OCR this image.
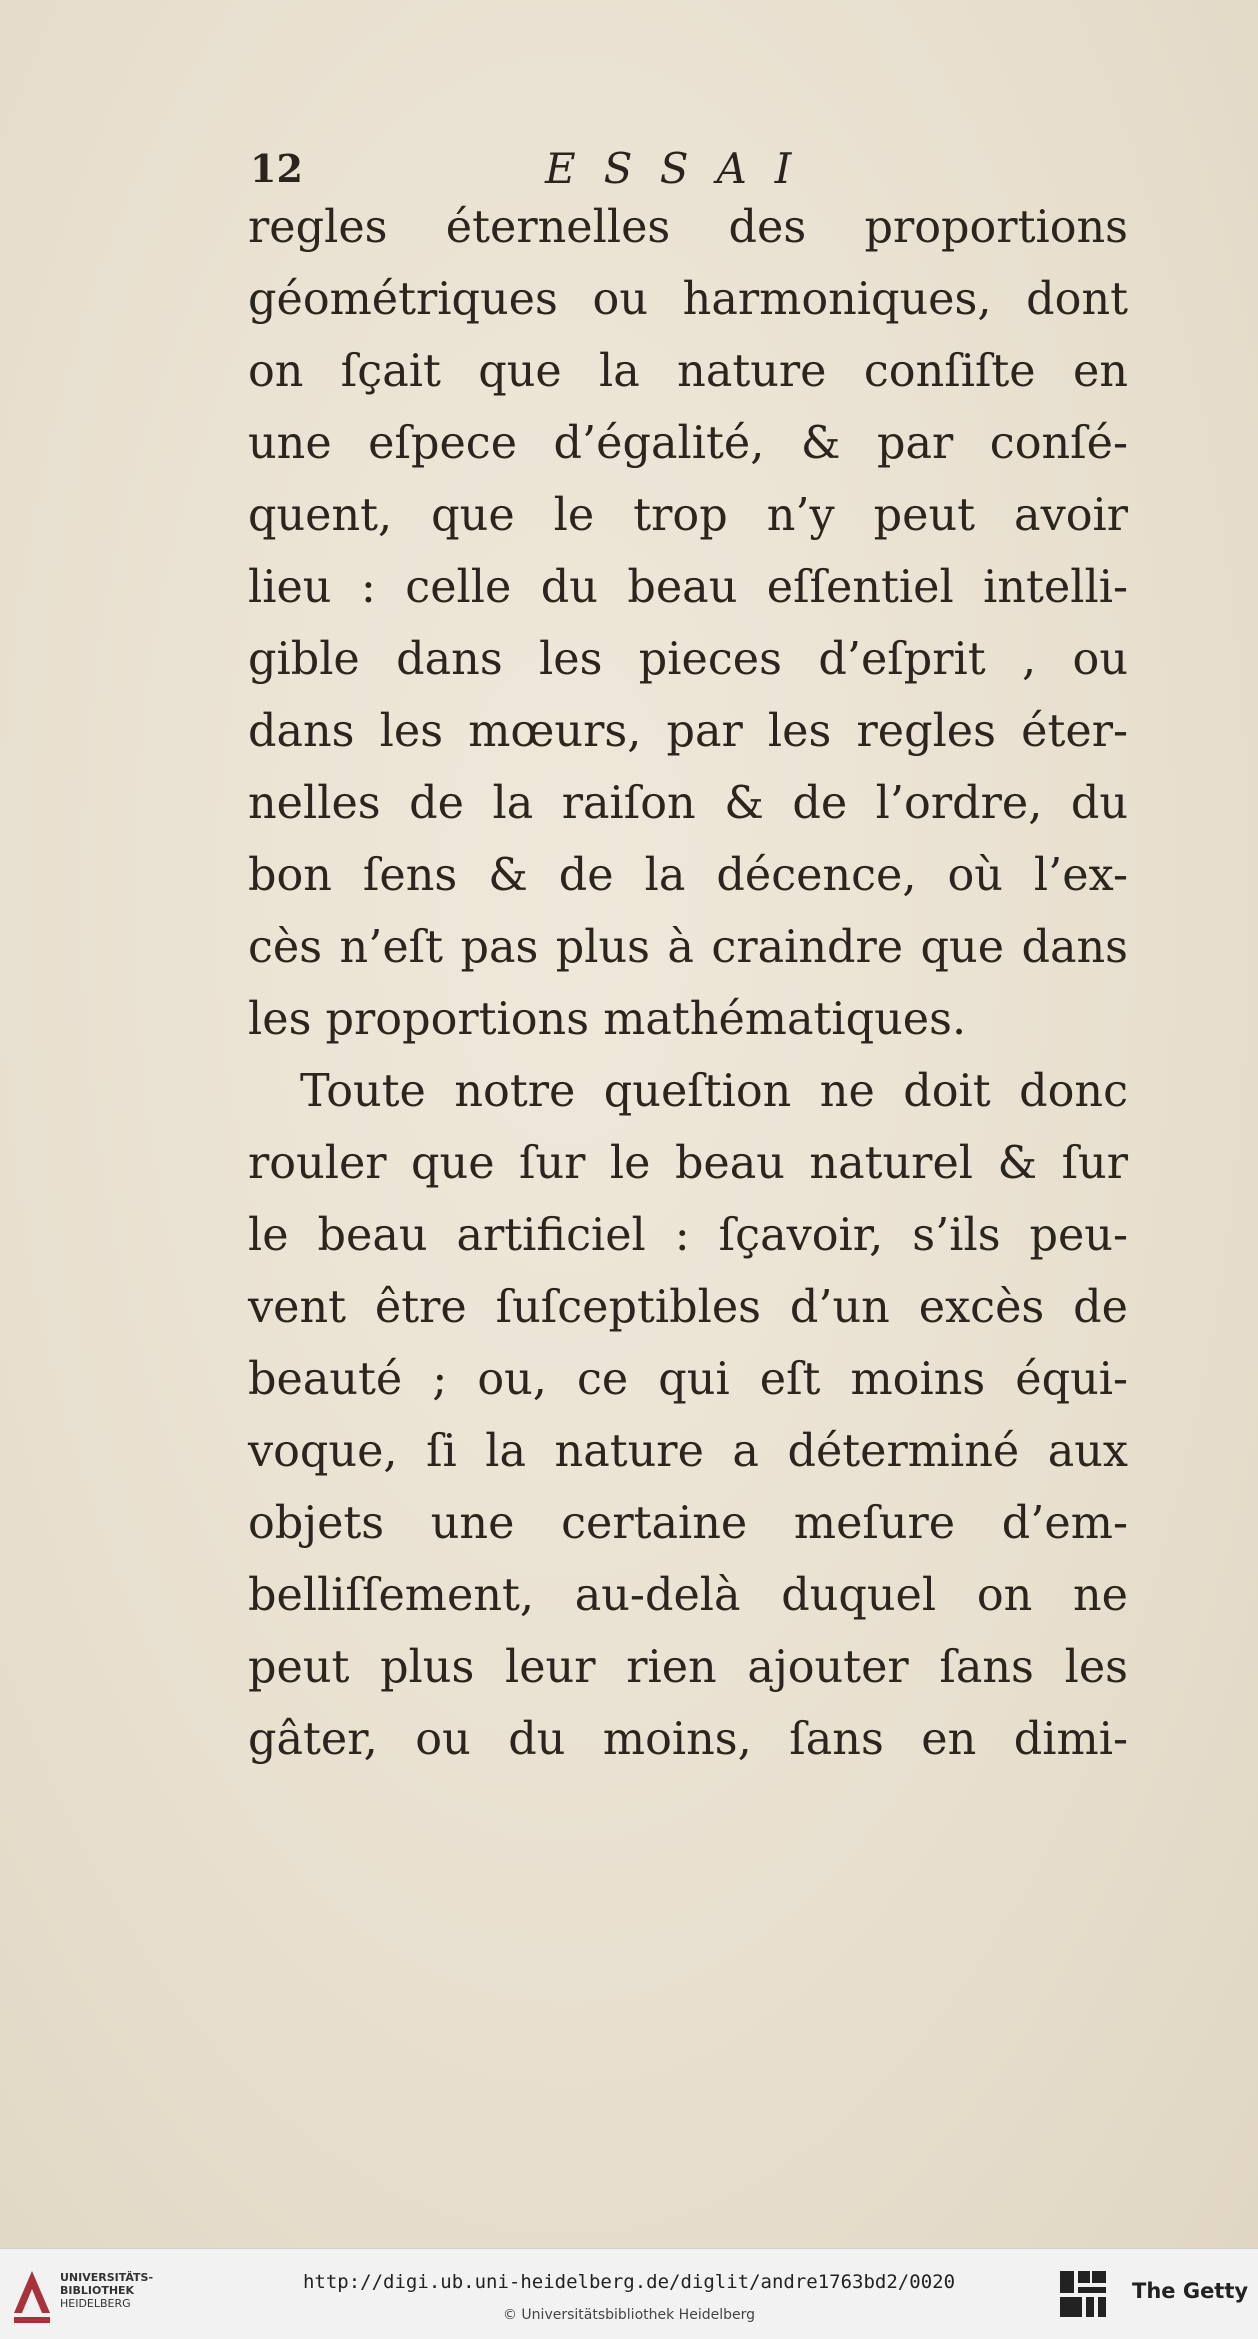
12	ESSAI
regles éternelles des proportions
géométriques ou harmoniques, dont
on ſçait que la nature conſiſte en
une eſpece d’égalité, & par conſé-
quent, que le trop n’y peut avoir
lieu : celle du beau eſſentiel intelli-
gible dans les pieces d’eſprit , ou
dans les mœurs, par les regles éter-
nelles de la raiſon & de l’ordre, du
bon ſens & de la décence, où l’ex-
cès n’eſt pas plus à craindre que dans
les proportions mathématiques.
Toute notre queſtion ne doit donc
rouler que ſur le beau naturel & ſur
le beau artificiel : ſçavoir, s’ils peu-
vent être ſuſceptibles d’un excès de
beauté ; ou, ce qui eſt moins équi-
voque, ſi la nature a déterminé aux
objets une certaine meſure d’em-
belliſſement, au-delà duquel on ne
peut plus leur rien ajouter ſans les
gâter, ou du moins, ſans en dimi-
UNIVERSITÄTS-
BIBLIOTHEK
HEIDELBERG
http://digi.ub.uni-heidelberg.de/diglit/andre1763bd2/0020
© Universitätsbibliothek Heidelberg
The Getty
